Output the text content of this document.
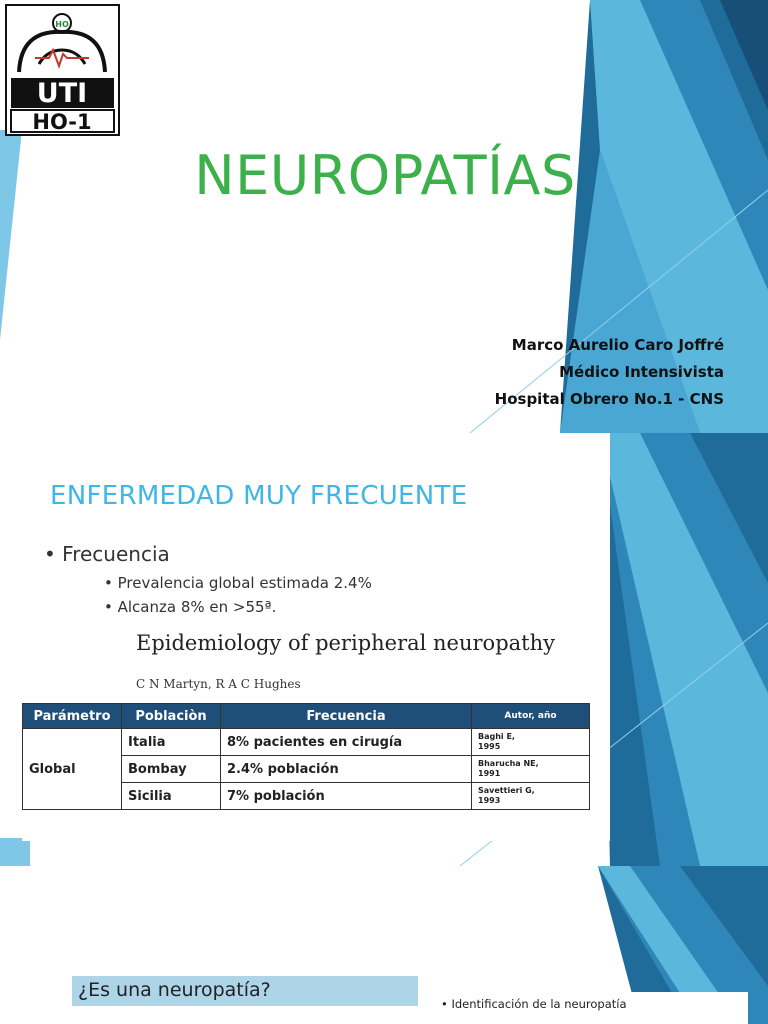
HO
UTI
HO-1
NEUROPATÍAS
Marco Aurelio Caro Joffré
Médico Intensivista
Hospital Obrero No.1 - CNS
ENFERMEDAD MUY FRECUENTE
• Frecuencia
• Prevalencia global estimada 2.4%
• Alcanza 8% en >55ª.
Epidemiology of peripheral neuropathy
C N Martyn, R A C Hughes
Parámetro	Poblaciòn	Frecuencia	Autor, año
Global	Italia	8% pacientes en cirugía	Baghi E,
1995
	Bombay	2.4% población	Bharucha NE,
1991
	Sicilia	7% población	Savettieri G,
1993
¿Es una neuropatía?
• Identificación de la neuropatía
